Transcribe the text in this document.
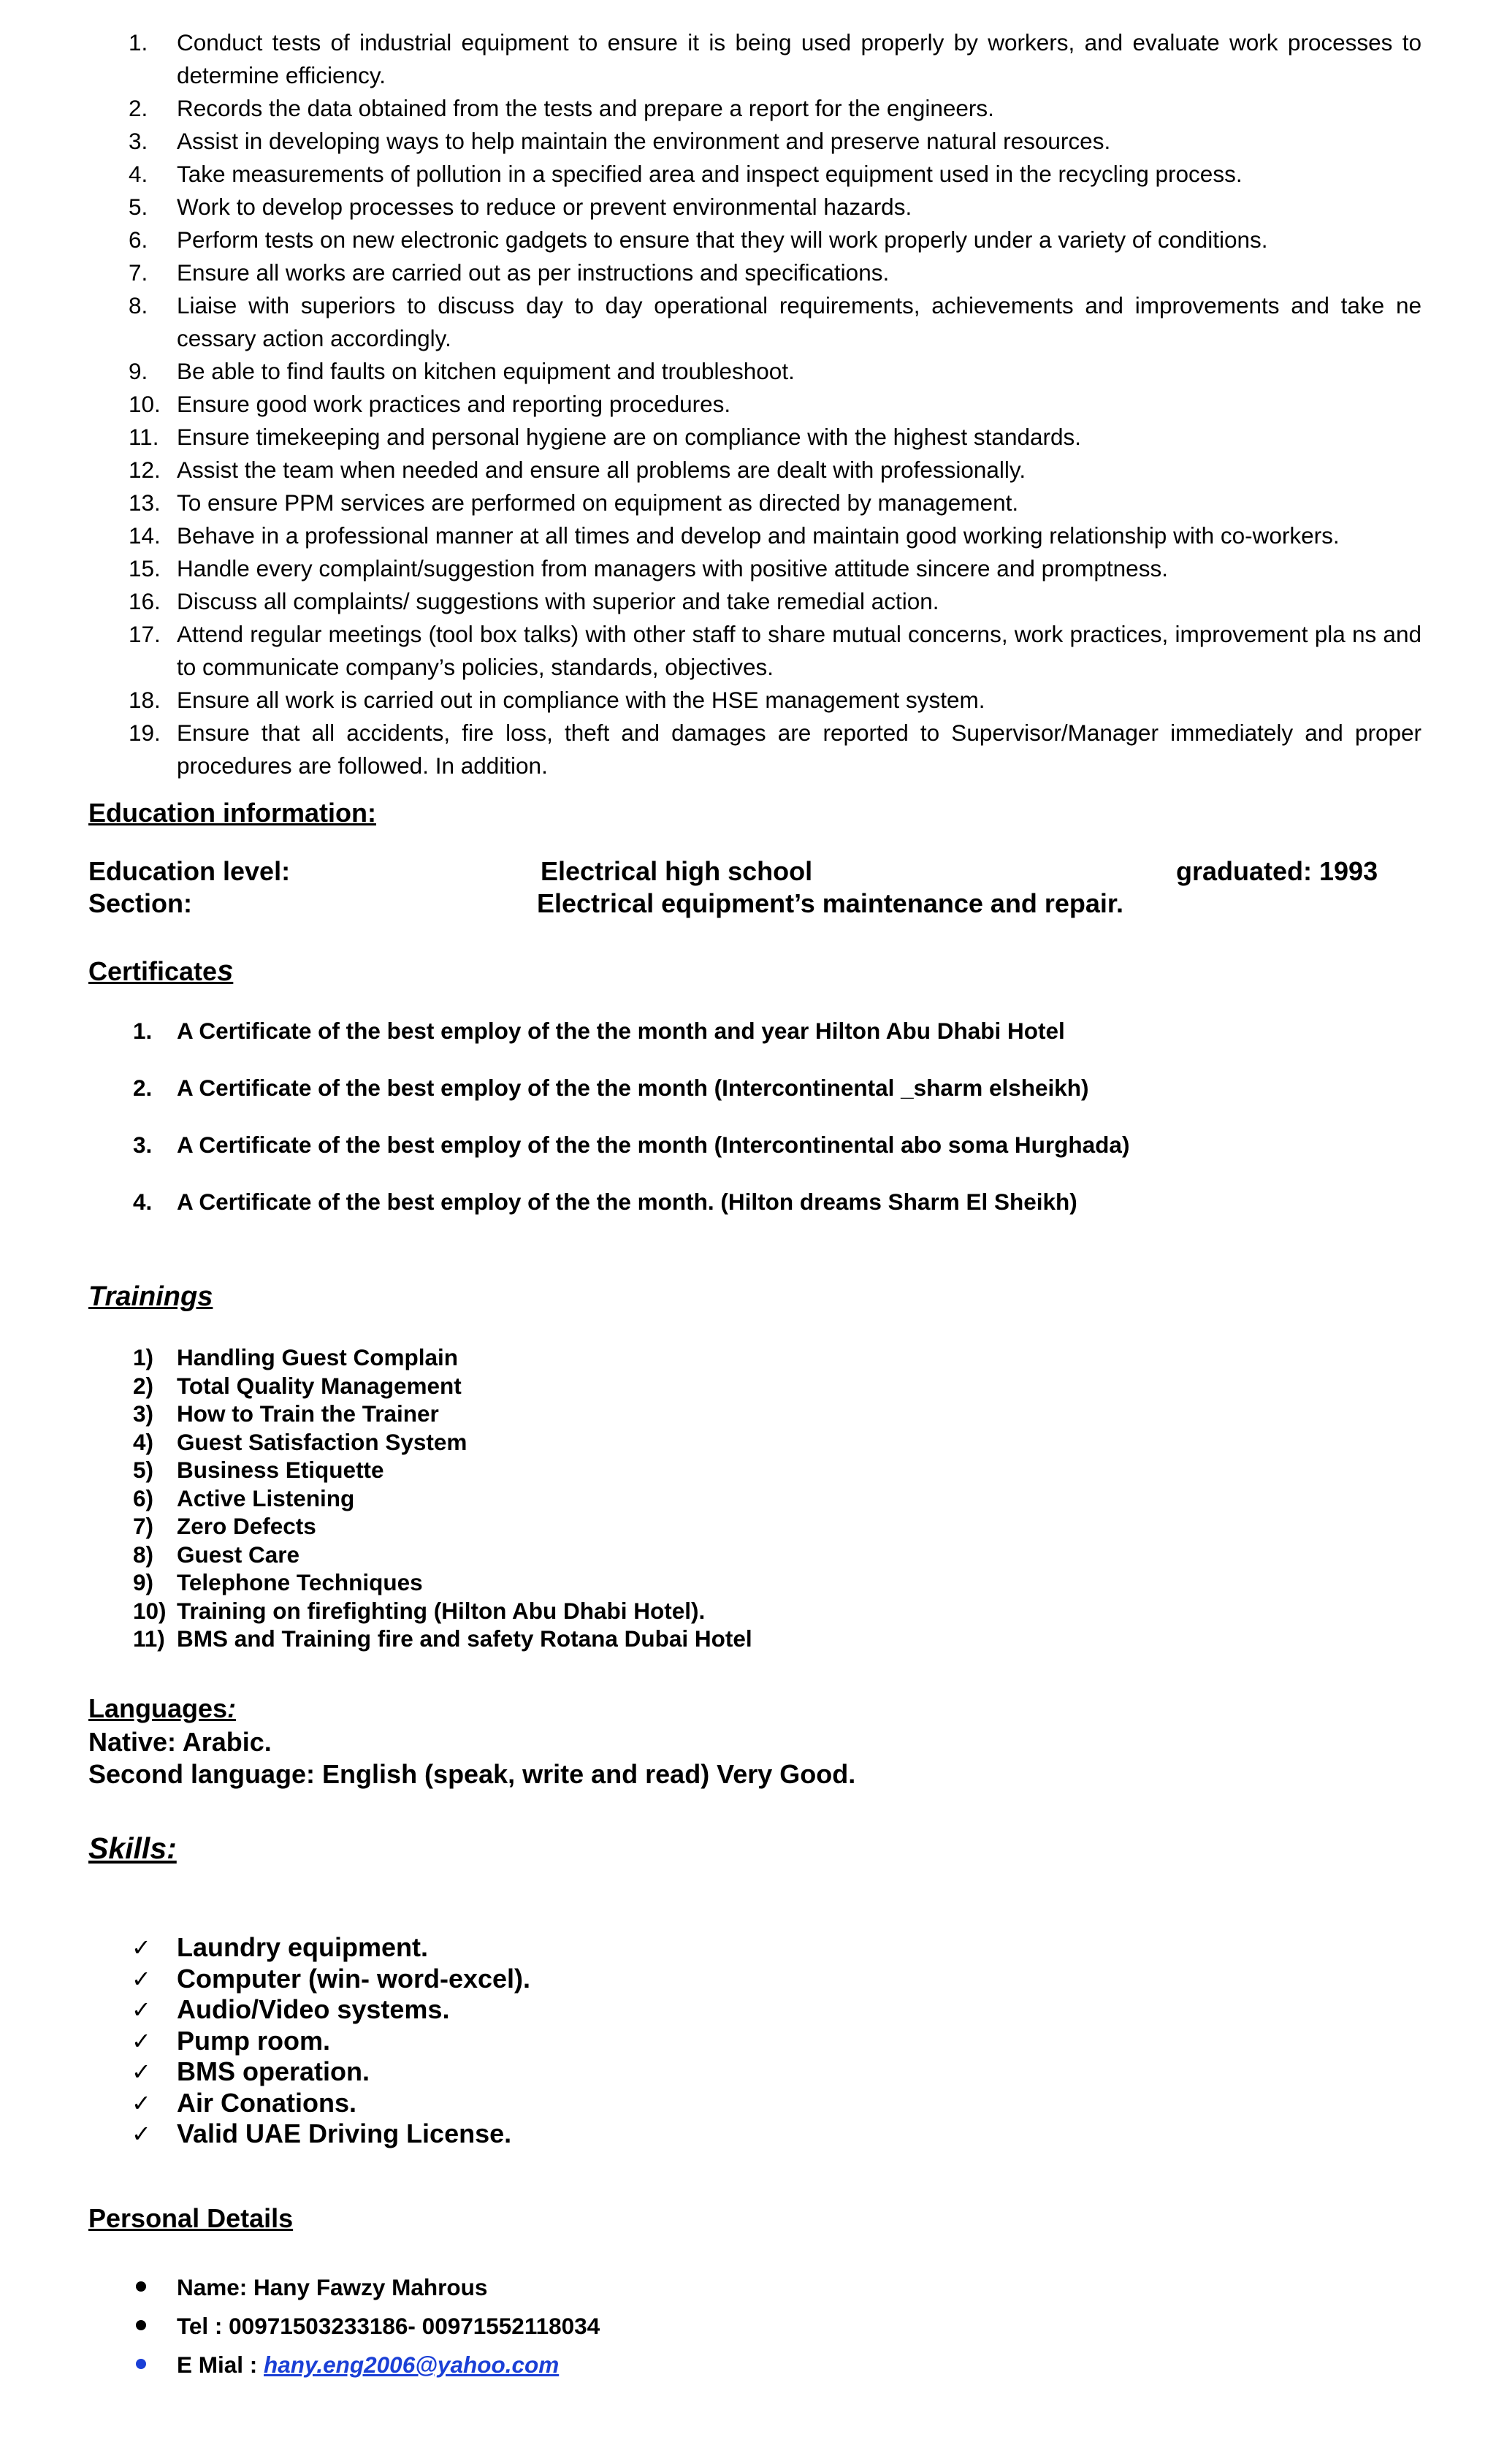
1. Conduct tests of industrial equipment to ensure it is being used properly by workers, and evaluate work processes to determine efficiency.
2. Records the data obtained from the tests and prepare a report for the engineers.
3. Assist in developing ways to help maintain the environment and preserve natural resources.
4. Take measurements of pollution in a specified area and inspect equipment used in the recycling process.
5. Work to develop processes to reduce or prevent environmental hazards.
6. Perform tests on new electronic gadgets to ensure that they will work properly under a variety of conditions.
7. Ensure all works are carried out as per instructions and specifications.
8. Liaise with superiors to discuss day to day operational requirements, achievements and improvements and take ne cessary action accordingly.
9. Be able to find faults on kitchen equipment and troubleshoot.
10. Ensure good work practices and reporting procedures.
11. Ensure timekeeping and personal hygiene are on compliance with the highest standards.
12. Assist the team when needed and ensure all problems are dealt with professionally.
13. To ensure PPM services are performed on equipment as directed by management.
14. Behave in a professional manner at all times and develop and maintain good working relationship with co-workers.
15. Handle every complaint/suggestion from managers with positive attitude sincere and promptness.
16. Discuss all complaints/ suggestions with superior and take remedial action.
17. Attend regular meetings (tool box talks) with other staff to share mutual concerns, work practices, improvement pla ns and to communicate company’s policies, standards, objectives.
18. Ensure all work is carried out in compliance with the HSE management system.
19. Ensure that all accidents, fire loss, theft and damages are reported to Supervisor/Manager immediately and proper procedures are followed. In addition.
Education information:
Education level:	Electrical high school	graduated: 1993
Section:	Electrical equipment’s maintenance and repair.
Certificates
1. A Certificate of the best employ of the the month and year Hilton Abu Dhabi Hotel
2. A Certificate of the best employ of the the month (Intercontinental _sharm elsheikh)
3. A Certificate of the best employ of the the month (Intercontinental abo soma Hurghada)
4. A Certificate of the best employ of the the month. (Hilton dreams Sharm El Sheikh)
Trainings
1) Handling Guest Complain
2) Total Quality Management
3) How to Train the Trainer
4) Guest Satisfaction System
5) Business Etiquette
6) Active Listening
7) Zero Defects
8) Guest Care
9) Telephone Techniques
10) Training on firefighting (Hilton Abu Dhabi Hotel).
11) BMS and Training fire and safety Rotana Dubai Hotel
Languages:
Native: Arabic.
Second language: English (speak, write and read) Very Good.
Skills:
✓ Laundry equipment.
✓ Computer (win- word-excel).
✓ Audio/Video systems.
✓ Pump room.
✓ BMS operation.
✓ Air Conations.
✓ Valid UAE Driving License.
Personal Details
Name: Hany Fawzy Mahrous
Tel : 00971503233186- 00971552118034
E Mial : hany.eng2006@yahoo.com
